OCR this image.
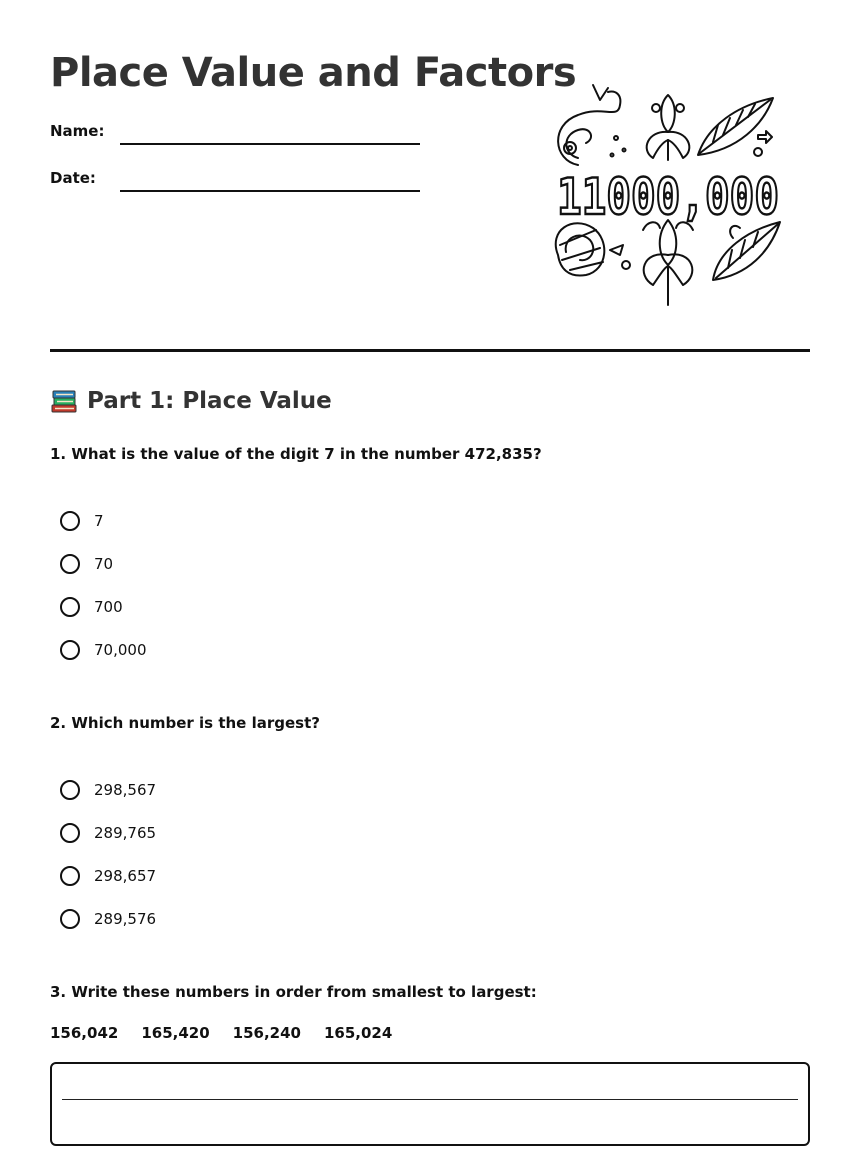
Place Value and Factors
Name:
Date:	11000,000
Part 1: Place Value
1. What is the value of the digit 7 in the number 472,835?
7
70
700
70,000
2. Which number is the largest?
298,567
289,765
298,657
289,576
3. Write these numbers in order from smallest to largest:
156,042 165,420 156,240 165,024
